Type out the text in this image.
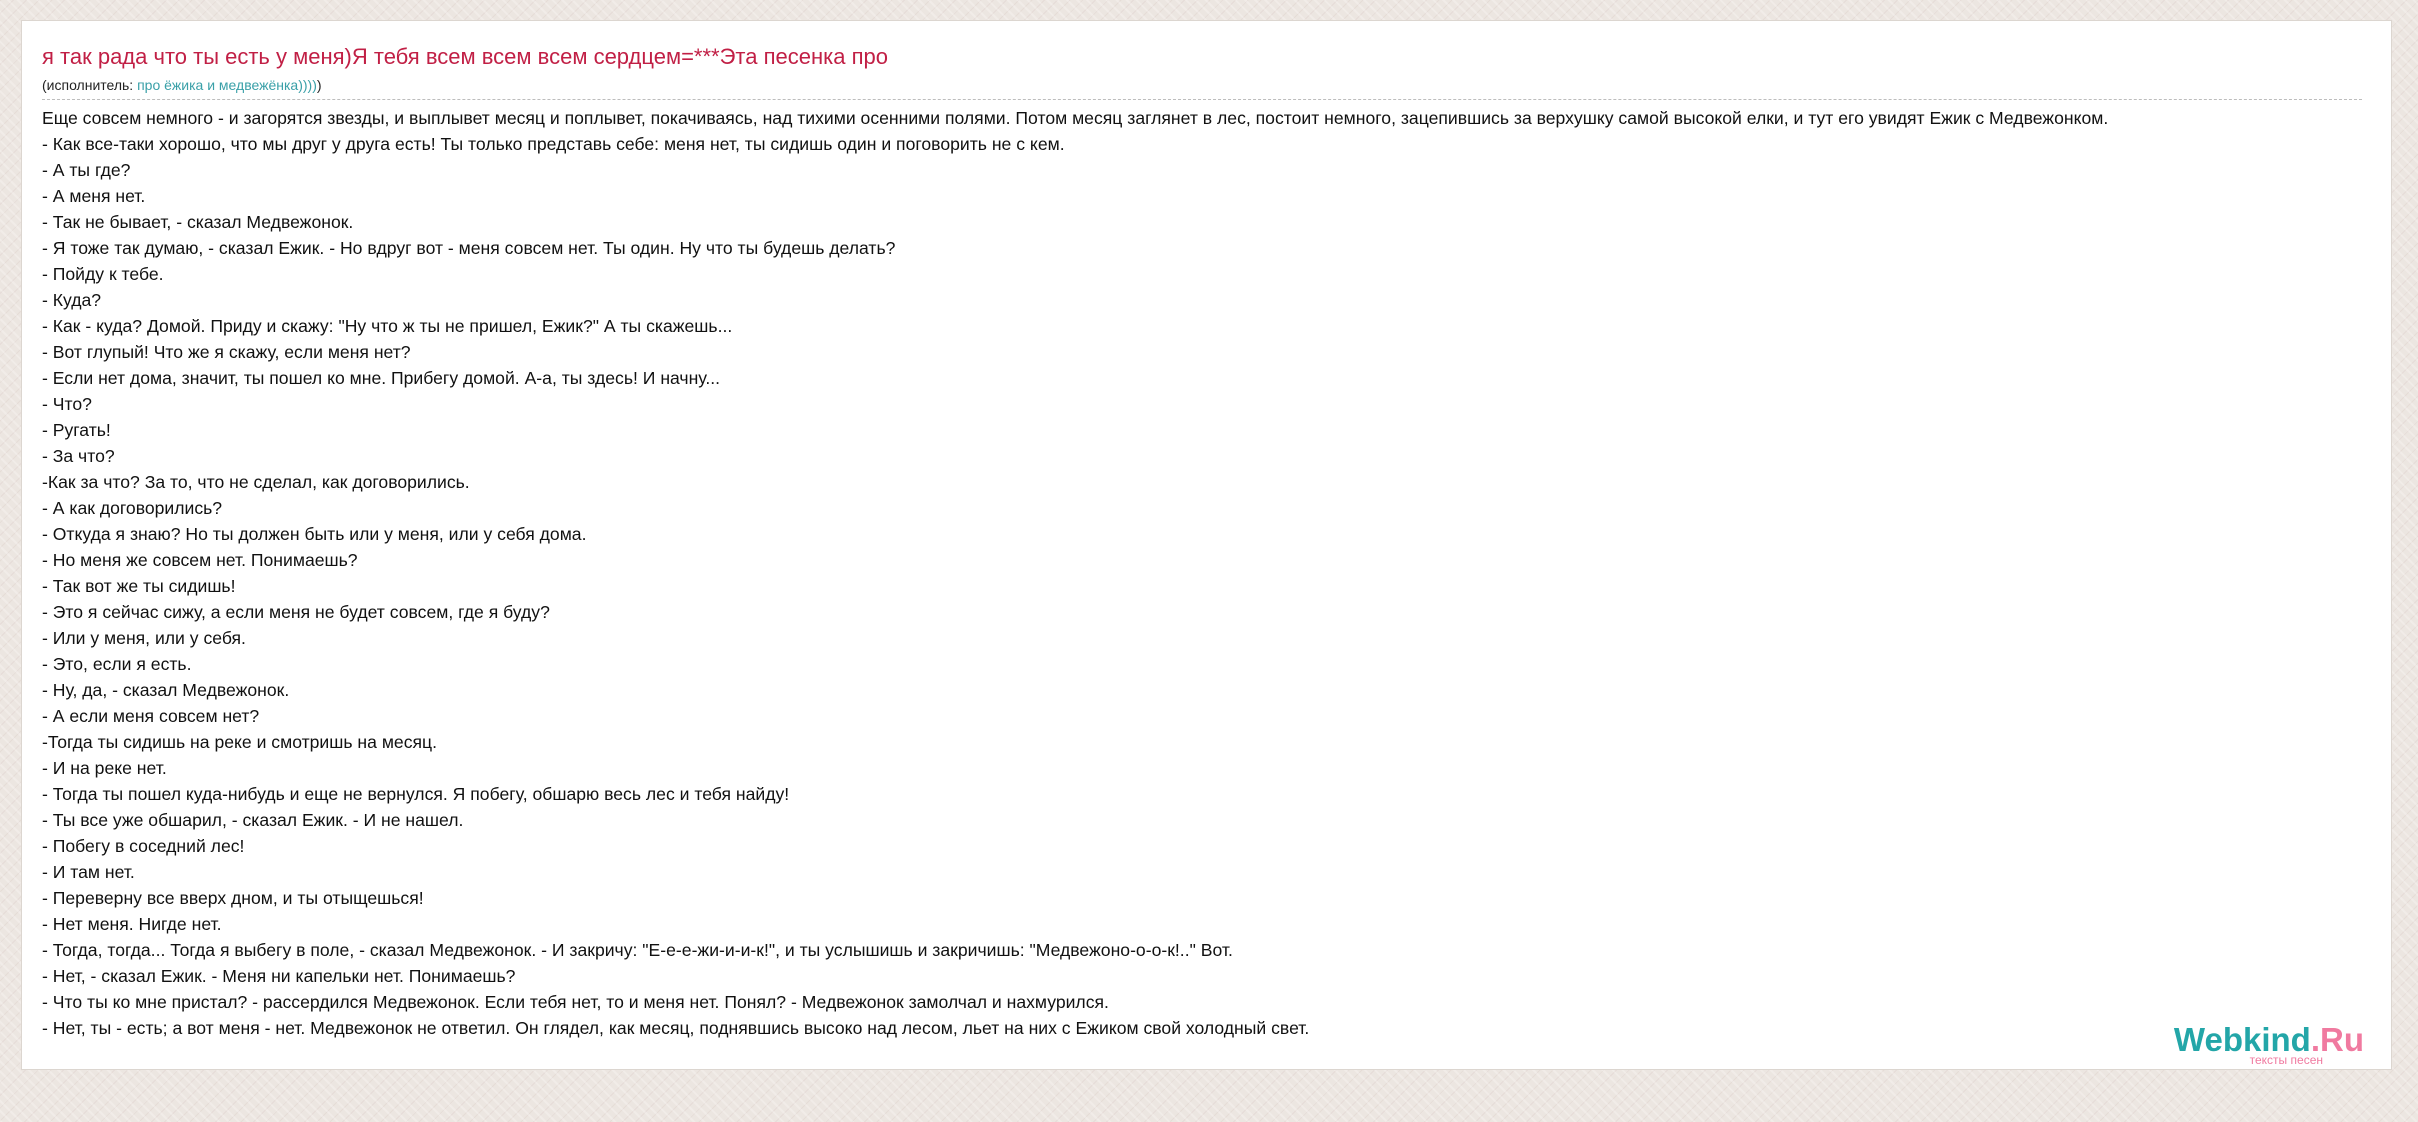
я так рада что ты есть у меня)Я тебя всем всем всем сердцем=***Эта песенка про
(исполнитель: про ёжика и медвежёнка)))))
Еще совсем немного - и загорятся звезды, и выплывет месяц и поплывет, покачиваясь, над тихими осенними полями. Потом месяц заглянет в лес, постоит немного, зацепившись за верхушку самой высокой елки, и тут его увидят Ежик с Медвежонком.
- Как все-таки хорошо, что мы друг у друга есть! Ты только представь себе: меня нет, ты сидишь один и поговорить не с кем.
- А ты где?
- А меня нет.
- Так не бывает, - сказал Медвежонок.
- Я тоже так думаю, - сказал Ежик. - Но вдруг вот - меня совсем нет. Ты один. Ну что ты будешь делать?
- Пойду к тебе.
- Куда?
- Как - куда? Домой. Приду и скажу: "Ну что ж ты не пришел, Ежик?" А ты скажешь...
- Вот глупый! Что же я скажу, если меня нет?
- Если нет дома, значит, ты пошел ко мне. Прибегу домой. А-а, ты здесь! И начну...
- Что?
- Ругать!
- За что?
-Как за что? За то, что не сделал, как договорились.
- А как договорились?
- Откуда я знаю? Но ты должен быть или у меня, или у себя дома.
- Но меня же совсем нет. Понимаешь?
- Так вот же ты сидишь!
- Это я сейчас сижу, а если меня не будет совсем, где я буду?
- Или у меня, или у себя.
- Это, если я есть.
- Ну, да, - сказал Медвежонок.
- А если меня совсем нет?
-Тогда ты сидишь на реке и смотришь на месяц.
- И на реке нет.
- Тогда ты пошел куда-нибудь и еще не вернулся. Я побегу, обшарю весь лес и тебя найду!
- Ты все уже обшарил, - сказал Ежик. - И не нашел.
- Побегу в соседний лес!
- И там нет.
- Переверну все вверх дном, и ты отыщешься!
- Нет меня. Нигде нет.
- Тогда, тогда... Тогда я выбегу в поле, - сказал Медвежонок. - И закричу: "Е-е-е-жи-и-и-к!", и ты услышишь и закричишь: "Медвежоно-о-о-к!.." Вот.
- Нет, - сказал Ежик. - Меня ни капельки нет. Понимаешь?
- Что ты ко мне пристал? - рассердился Медвежонок. Если тебя нет, то и меня нет. Понял? - Медвежонок замолчал и нахмурился.
- Нет, ты - есть; а вот меня - нет. Медвежонок не ответил. Он глядел, как месяц, поднявшись высоко над лесом, льет на них с Ежиком свой холодный свет.	Webkind.Ru
тексты песен
